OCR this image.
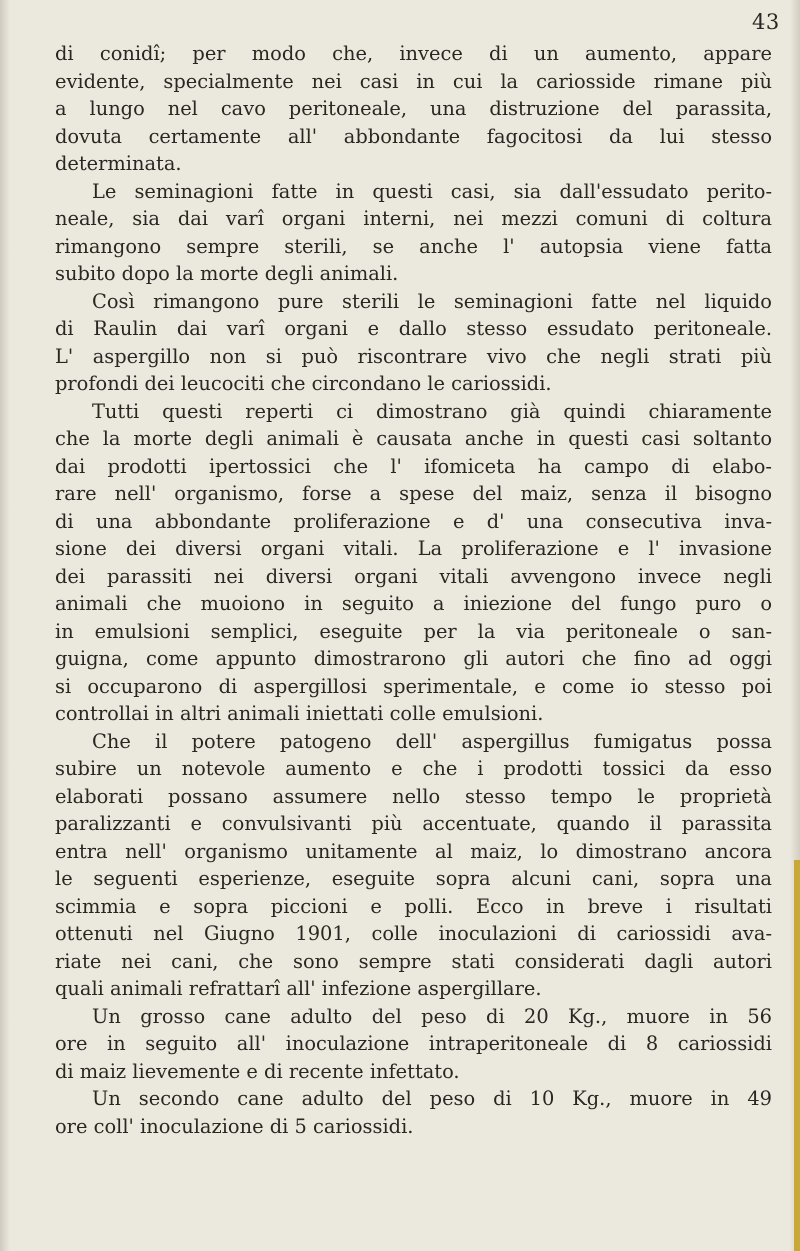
43
di conidî; per modo che, invece di un aumento, appare
evidente, specialmente nei casi in cui la cariosside rimane più
a lungo nel cavo peritoneale, una distruzione del parassita,
dovuta certamente all' abbondante fagocitosi da lui stesso
determinata.
Le seminagioni fatte in questi casi, sia dall'essudato perito-
neale, sia dai varî organi interni, nei mezzi comuni di coltura
rimangono sempre sterili, se anche l' autopsia viene fatta
subito dopo la morte degli animali.
Così rimangono pure sterili le seminagioni fatte nel liquido
di Raulin dai varî organi e dallo stesso essudato peritoneale.
L' aspergillo non si può riscontrare vivo che negli strati più
profondi dei leucociti che circondano le cariossidi.
Tutti questi reperti ci dimostrano già quindi chiaramente
che la morte degli animali è causata anche in questi casi soltanto
dai prodotti ipertossici che l' ifomiceta ha campo di elabo-
rare nell' organismo, forse a spese del maiz, senza il bisogno
di una abbondante proliferazione e d' una consecutiva inva-
sione dei diversi organi vitali. La proliferazione e l' invasione
dei parassiti nei diversi organi vitali avvengono invece negli
animali che muoiono in seguito a iniezione del fungo puro o
in emulsioni semplici, eseguite per la via peritoneale o san-
guigna, come appunto dimostrarono gli autori che fino ad oggi
si occuparono di aspergillosi sperimentale, e come io stesso poi
controllai in altri animali iniettati colle emulsioni.
Che il potere patogeno dell' aspergillus fumigatus possa
subire un notevole aumento e che i prodotti tossici da esso
elaborati possano assumere nello stesso tempo le proprietà
paralizzanti e convulsivanti più accentuate, quando il parassita
entra nell' organismo unitamente al maiz, lo dimostrano ancora
le seguenti esperienze, eseguite sopra alcuni cani, sopra una
scimmia e sopra piccioni e polli. Ecco in breve i risultati
ottenuti nel Giugno 1901, colle inoculazioni di cariossidi ava-
riate nei cani, che sono sempre stati considerati dagli autori
quali animali refrattarî all' infezione aspergillare.
Un grosso cane adulto del peso di 20 Kg., muore in 56
ore in seguito all' inoculazione intraperitoneale di 8 cariossidi
di maiz lievemente e di recente infettato.
Un secondo cane adulto del peso di 10 Kg., muore in 49
ore coll' inoculazione di 5 cariossidi.
